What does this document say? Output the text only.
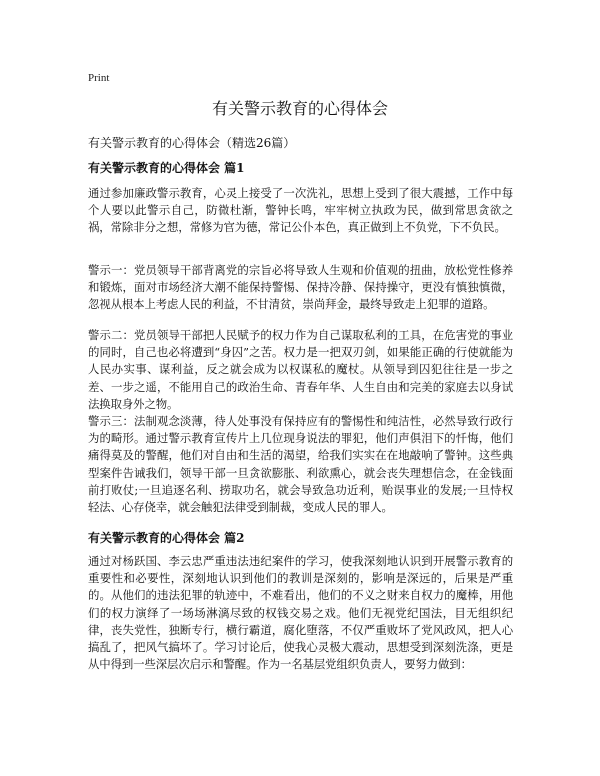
Print
有关警示教育的心得体会
有关警示教育的心得体会（精选26篇）
有关警示教育的心得体会 篇1
通过参加廉政警示教育，心灵上接受了一次洗礼，思想上受到了很大震撼，工作中每个人要以此警示自己，防微杜渐，警钟长鸣，牢牢树立执政为民，做到常思贪欲之祸，常除非分之想，常修为官为德，常记公仆本色，真正做到上不负党，下不负民。
警示一：党员领导干部背离党的宗旨必将导致人生观和价值观的扭曲，放松党性修养和锻炼，面对市场经济大潮不能保持警惕、保持冷静、保持操守，更没有慎独慎微，忽视从根本上考虑人民的利益，不甘清贫，崇尚拜金，最终导致走上犯罪的道路。
警示二：党员领导干部把人民赋予的权力作为自己谋取私利的工具，在危害党的事业的同时，自己也必将遭到“身囚”之苦。权力是一把双刃剑，如果能正确的行使就能为人民办实事、谋利益，反之就会成为以权谋私的魔杖。从领导到囚犯往往是一步之差、一步之遥，不能用自己的政治生命、青春年华、人生自由和完美的家庭去以身试法换取身外之物。
警示三：法制观念淡薄，待人处事没有保持应有的警惕性和纯洁性，必然导致行政行为的畸形。通过警示教育宣传片上几位现身说法的罪犯，他们声俱泪下的忏悔，他们痛得莫及的警醒，他们对自由和生活的渴望，给我们实实在在地敲响了警钟。这些典型案件告诫我们，领导干部一旦贪欲膨胀、利欲熏心，就会丧失理想信念，在金钱面前打败仗;一旦追逐名利、捞取功名，就会导致急功近利，贻误事业的发展;一旦恃权轻法、心存侥幸，就会触犯法律受到制裁，变成人民的罪人。
有关警示教育的心得体会 篇2
通过对杨跃国、李云忠严重违法违纪案件的学习，使我深刻地认识到开展警示教育的重要性和必要性，深刻地认识到他们的教训是深刻的，影响是深远的，后果是严重的。从他们的违法犯罪的轨迹中，不难看出，他们的不义之财来自权力的魔棒，用他们的权力演绎了一场场淋漓尽致的权钱交易之戏。他们无视党纪国法，目无组织纪律，丧失党性，独断专行，横行霸道，腐化堕落，不仅严重败坏了党风政风，把人心搞乱了，把风气搞坏了。学习讨论后，使我心灵极大震动，思想受到深刻洗涤，更是从中得到一些深层次启示和警醒。作为一名基层党组织负责人，要努力做到：
